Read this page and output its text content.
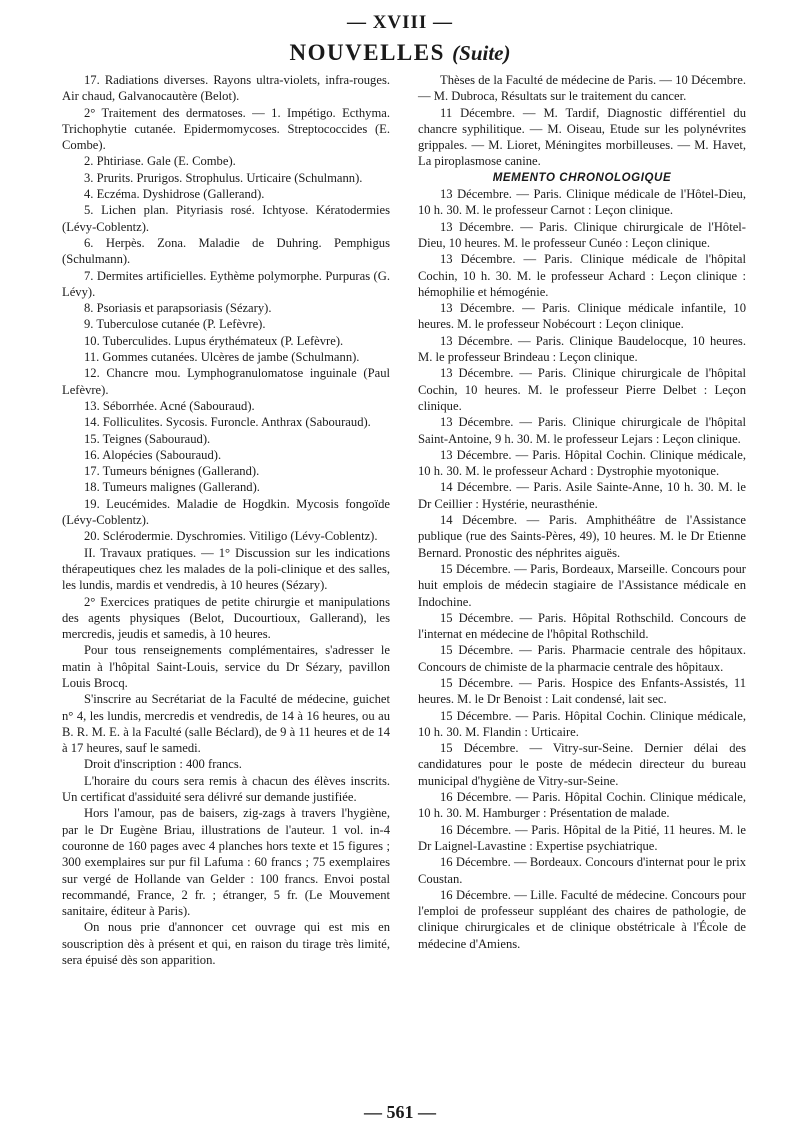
— XVIII —
NOUVELLES (Suite)

17. Radiations diverses. Rayons ultra-violets, infra-rouges. Air chaud, Galvanocautère (Belot).

2° Traitement des dermatoses. — 1. Impétigo. Ecthyma. Trichophytie cutanée. Epidermomycoses. Streptococcides (E. Combe).

2. Phtiriase. Gale (E. Combe).

3. Prurits. Prurigos. Strophulus. Urticaire (Schulmann).

4. Eczéma. Dyshidrose (Gallerand).

5. Lichen plan. Pityriasis rosé. Ichtyose. Kératodermies (Lévy-Coblentz).

6. Herpès. Zona. Maladie de Duhring. Pemphigus (Schulmann).

7. Dermites artificielles. Eythème polymorphe. Purpuras (G. Lévy).

8. Psoriasis et parapsoriasis (Sézary).

9. Tuberculose cutanée (P. Lefèvre).

10. Tuberculides. Lupus érythémateux (P. Lefèvre).

11. Gommes cutanées. Ulcères de jambe (Schulmann).

12. Chancre mou. Lymphogranulomatose inguinale (Paul Lefèvre).

13. Séborrhée. Acné (Sabouraud).

14. Folliculites. Sycosis. Furoncle. Anthrax (Sabouraud).

15. Teignes (Sabouraud).

16. Alopécies (Sabouraud).

17. Tumeurs bénignes (Gallerand).

18. Tumeurs malignes (Gallerand).

19. Leucémides. Maladie de Hogdkin. Mycosis fongoïde (Lévy-Coblentz).

20. Sclérodermie. Dyschromies. Vitiligo (Lévy-Coblentz).

II. Travaux pratiques. — 1° Discussion sur les indications thérapeutiques chez les malades de la poli-clinique et des salles, les lundis, mardis et vendredis, à 10 heures (Sézary).

2° Exercices pratiques de petite chirurgie et manipulations des agents physiques (Belot, Ducourtioux, Gallerand), les mercredis, jeudis et samedis, à 10 heures.

Pour tous renseignements complémentaires, s'adresser le matin à l'hôpital Saint-Louis, service du Dr Sézary, pavillon Louis Brocq.

S'inscrire au Secrétariat de la Faculté de médecine, guichet n° 4, les lundis, mercredis et vendredis, de 14 à 16 heures, ou au B. R. M. E. à la Faculté (salle Béclard), de 9 à 11 heures et de 14 à 17 heures, sauf le samedi.

Droit d'inscription : 400 francs.

L'horaire du cours sera remis à chacun des élèves inscrits. Un certificat d'assiduité sera délivré sur demande justifiée.

Hors l'amour, pas de baisers, zig-zags à travers l'hygiène, par le Dr Eugène Briau, illustrations de l'auteur. 1 vol. in-4 couronne de 160 pages avec 4 planches hors texte et 15 figures ; 300 exemplaires sur pur fil Lafuma : 60 francs ; 75 exemplaires sur vergé de Hollande van Gelder : 100 francs. Envoi postal recommandé, France, 2 fr. ; étranger, 5 fr. (Le Mouvement sanitaire, éditeur à Paris).

On nous prie d'annoncer cet ouvrage qui est mis en souscription dès à présent et qui, en raison du tirage très limité, sera épuisé dès son apparition.

Thèses de la Faculté de médecine de Paris. — 10 Décembre. — M. Dubroca, Résultats sur le traitement du cancer.

11 Décembre. — M. Tardif, Diagnostic différentiel du chancre syphilitique. — M. Oiseau, Etude sur les polynévrites grippales. — M. Lioret, Méningites morbilleuses. — M. Havet, La piroplasmose canine.

MEMENTO CHRONOLOGIQUE

13 Décembre. — Paris. Clinique médicale de l'Hôtel-Dieu, 10 h. 30. M. le professeur Carnot : Leçon clinique.

13 Décembre. — Paris. Clinique chirurgicale de l'Hôtel-Dieu, 10 heures. M. le professeur Cunéo : Leçon clinique.

13 Décembre. — Paris. Clinique médicale de l'hôpital Cochin, 10 h. 30. M. le professeur Achard : Leçon clinique : hémophilie et hémogénie.

13 Décembre. — Paris. Clinique médicale infantile, 10 heures. M. le professeur Nobécourt : Leçon clinique.

13 Décembre. — Paris. Clinique Baudelocque, 10 heures. M. le professeur Brindeau : Leçon clinique.

13 Décembre. — Paris. Clinique chirurgicale de l'hôpital Cochin, 10 heures. M. le professeur Pierre Delbet : Leçon clinique.

13 Décembre. — Paris. Clinique chirurgicale de l'hôpital Saint-Antoine, 9 h. 30. M. le professeur Lejars : Leçon clinique.

13 Décembre. — Paris. Hôpital Cochin. Clinique médicale, 10 h. 30. M. le professeur Achard : Dystrophie myotonique.

14 Décembre. — Paris. Asile Sainte-Anne, 10 h. 30. M. le Dr Ceillier : Hystérie, neurasthénie.

14 Décembre. — Paris. Amphithéâtre de l'Assistance publique (rue des Saints-Pères, 49), 10 heures. M. le Dr Etienne Bernard. Pronostic des néphrites aiguës.

15 Décembre. — Paris, Bordeaux, Marseille. Concours pour huit emplois de médecin stagiaire de l'Assistance médicale en Indochine.

15 Décembre. — Paris. Hôpital Rothschild. Concours de l'internat en médecine de l'hôpital Rothschild.

15 Décembre. — Paris. Pharmacie centrale des hôpitaux. Concours de chimiste de la pharmacie centrale des hôpitaux.

15 Décembre. — Paris. Hospice des Enfants-Assistés, 11 heures. M. le Dr Benoist : Lait condensé, lait sec.

15 Décembre. — Paris. Hôpital Cochin. Clinique médicale, 10 h. 30. M. Flandin : Urticaire.

15 Décembre. — Vitry-sur-Seine. Dernier délai des candidatures pour le poste de médecin directeur du bureau municipal d'hygiène de Vitry-sur-Seine.

16 Décembre. — Paris. Hôpital Cochin. Clinique médicale, 10 h. 30. M. Hamburger : Présentation de malade.

16 Décembre. — Paris. Hôpital de la Pitié, 11 heures. M. le Dr Laignel-Lavastine : Expertise psychiatrique.

16 Décembre. — Bordeaux. Concours d'internat pour le prix Coustan.

16 Décembre. — Lille. Faculté de médecine. Concours pour l'emploi de professeur suppléant des chaires de pathologie, de clinique chirurgicales et de clinique obstétricale à l'École de médecine d'Amiens.

— 561 —
